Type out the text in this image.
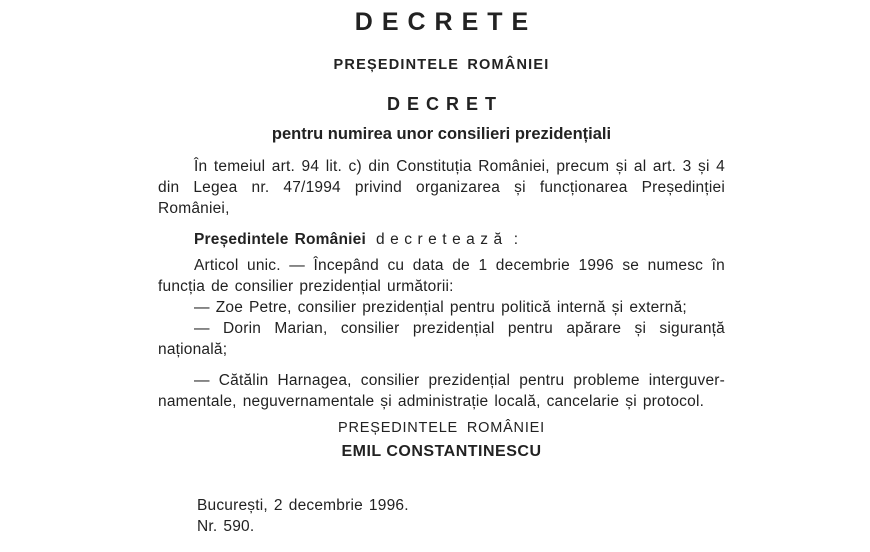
DECRETE
PREȘEDINTELE ROMÂNIEI
DECRET
pentru numirea unor consilieri prezidențiali

În temeiul art. 94 lit. c) din Constituția României, precum și al art. 3 și 4 din Legea nr. 47/1994 privind organizarea și funcționarea Președinției României,

Președintele României decretează :

Articol unic. — Începând cu data de 1 decembrie 1996 se numesc în funcția de consilier prezidențial următorii:

— Zoe Petre, consilier prezidențial pentru politică internă și externă;

— Dorin Marian, consilier prezidențial pentru apărare și siguranță națională;

— Cătălin Harnagea, consilier prezidențial pentru probleme interguver-namentale, neguvernamentale și administrație locală, cancelarie și protocol.

PREȘEDINTELE ROMÂNIEI
EMIL CONSTANTINESCU
București, 2 decembrie 1996.
Nr. 590.
